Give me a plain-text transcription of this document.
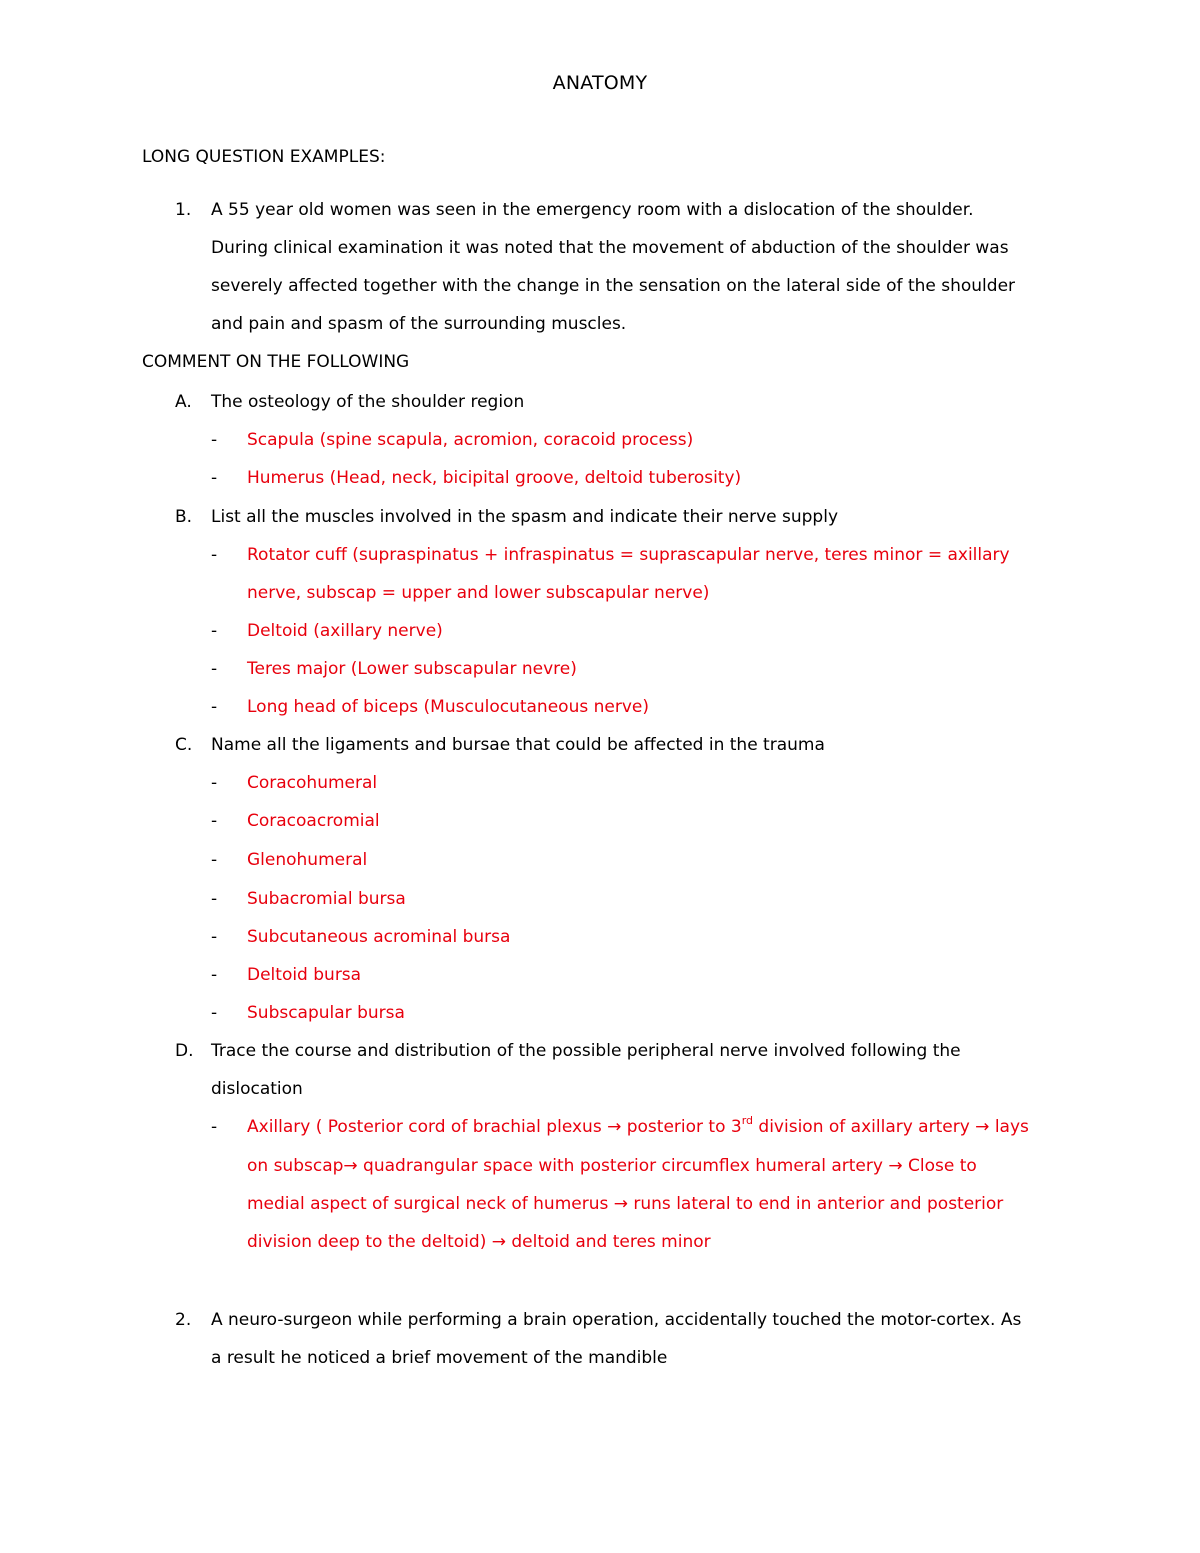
ANATOMY
LONG QUESTION EXAMPLES:
1. A 55 year old women was seen in the emergency room with a dislocation of the shoulder.
During clinical examination it was noted that the movement of abduction of the shoulder was
severely affected together with the change in the sensation on the lateral side of the shoulder
and pain and spasm of the surrounding muscles.
COMMENT ON THE FOLLOWING
A. The osteology of the shoulder region
- Scapula (spine scapula, acromion, coracoid process)
- Humerus (Head, neck, bicipital groove, deltoid tuberosity)
B. List all the muscles involved in the spasm and indicate their nerve supply
- Rotator cuff (supraspinatus + infraspinatus = suprascapular nerve, teres minor = axillary
nerve, subscap = upper and lower subscapular nerve)
- Deltoid (axillary nerve)
- Teres major (Lower subscapular nevre)
- Long head of biceps (Musculocutaneous nerve)
C. Name all the ligaments and bursae that could be affected in the trauma
- Coracohumeral
- Coracoacromial
- Glenohumeral
- Subacromial bursa
- Subcutaneous acrominal bursa
- Deltoid bursa
- Subscapular bursa
D. Trace the course and distribution of the possible peripheral nerve involved following the
dislocation
- Axillary ( Posterior cord of brachial plexus → posterior to 3rd division of axillary artery → lays
on subscap→ quadrangular space with posterior circumflex humeral artery → Close to
medial aspect of surgical neck of humerus → runs lateral to end in anterior and posterior
division deep to the deltoid) → deltoid and teres minor
2. A neuro-surgeon while performing a brain operation, accidentally touched the motor-cortex. As
a result he noticed a brief movement of the mandible
